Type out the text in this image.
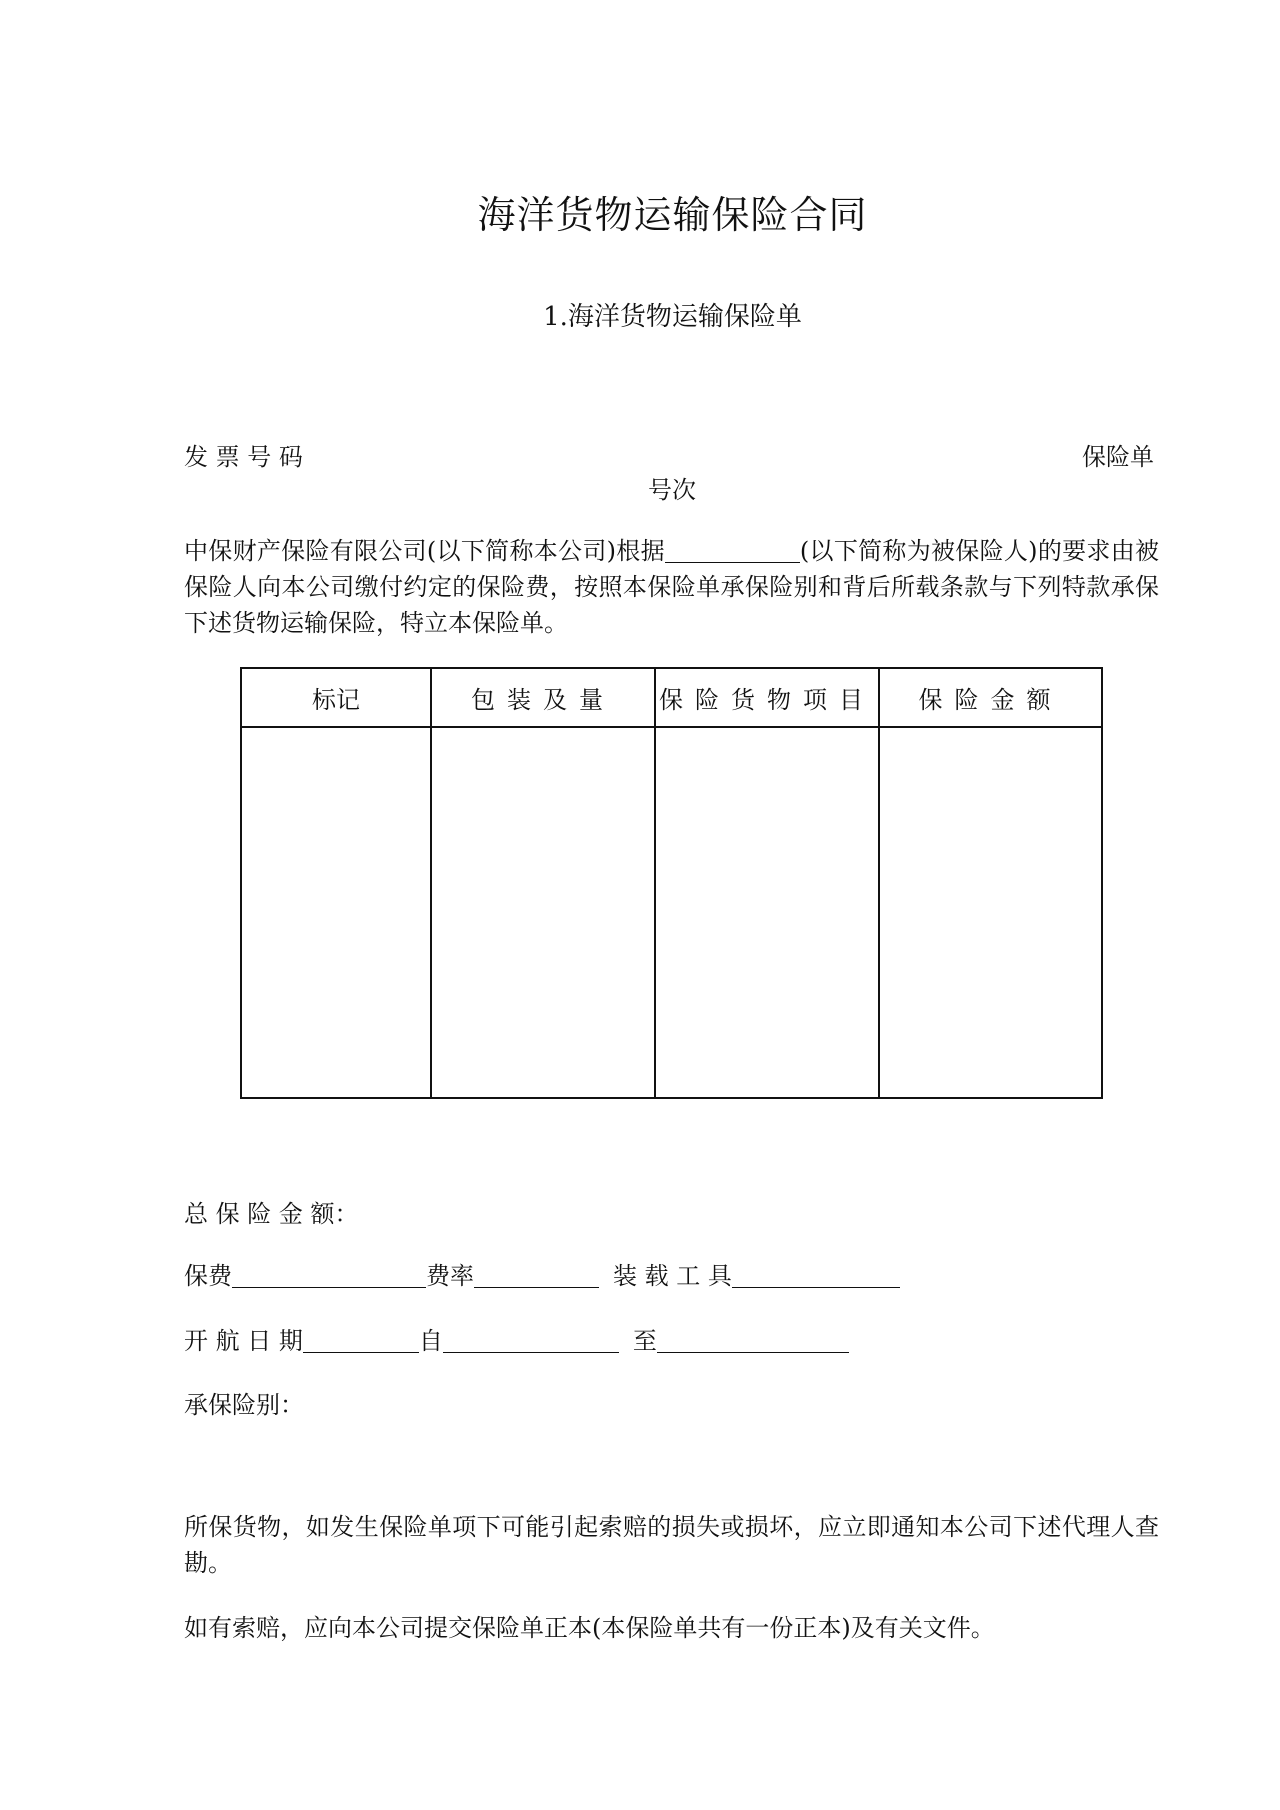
海洋货物运输保险合同
1.海洋货物运输保险单
发 票 号 码	保险单
号次
中保财产保险有限公司(以下简称本公司)根据	(以下简称为被保险人)的要求由被保险人向本公司缴付约定的保险费，按照本保险单承保险别和背后所载条款与下列特款承保下述货物运输保险，特立本保险单。
标记	包装及量	保险货物项目	保险金额

总 保 险 金 额：
保费	费率	装 载 工 具
开 航 日 期	自	至
承保险别：
所保货物，如发生保险单项下可能引起索赔的损失或损坏，应立即通知本公司下述代理人查勘。
如有索赔，应向本公司提交保险单正本(本保险单共有一份正本)及有关文件。
